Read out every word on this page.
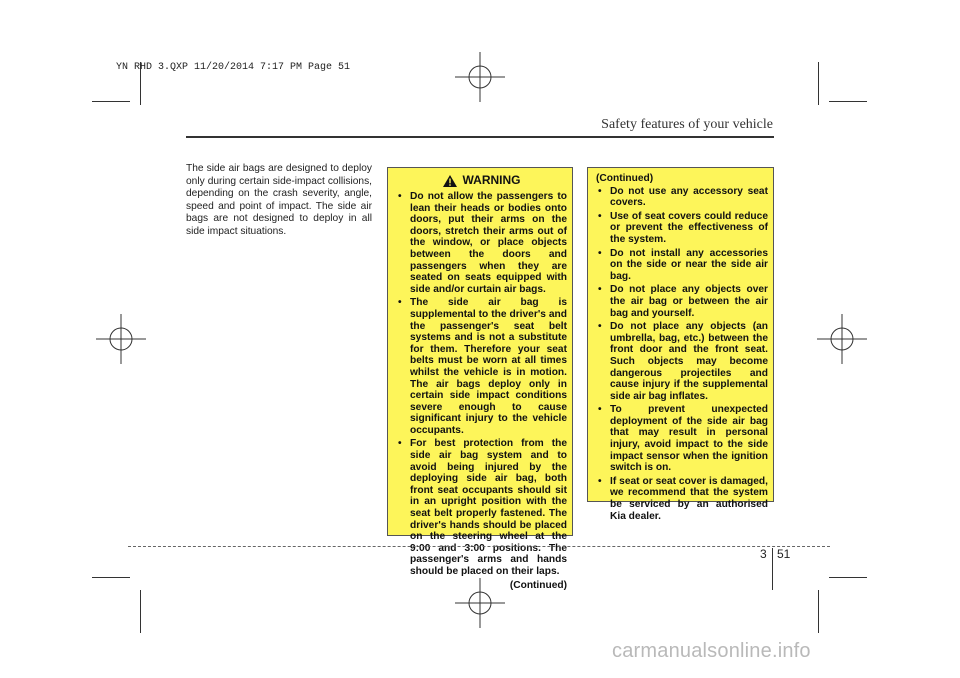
YN RHD 3.QXP 11/20/2014 7:17 PM Page 51
Safety features of your vehicle
The side air bags are designed to deploy only during certain side-impact collisions, depending on the crash severity, angle, speed and point of impact. The side air bags are not designed to deploy in all side impact situations.
WARNING
• Do not allow the passengers to lean their heads or bodies onto doors, put their arms on the doors, stretch their arms out of the window, or place objects between the doors and passengers when they are seated on seats equipped with side and/or curtain air bags.
• The side air bag is supplemental to the driver's and the passenger's seat belt systems and is not a substitute for them. Therefore your seat belts must be worn at all times whilst the vehicle is in motion. The air bags deploy only in certain side impact conditions severe enough to cause significant injury to the vehicle occupants.
• For best protection from the side air bag system and to avoid being injured by the deploying side air bag, both front seat occupants should sit in an upright position with the seat belt properly fastened. The driver's hands should be placed on the steering wheel at the 9:00 and 3:00 positions. The passenger's arms and hands should be placed on their laps.
(Continued)
(Continued)
• Do not use any accessory seat covers.
• Use of seat covers could reduce or prevent the effectiveness of the system.
• Do not install any accessories on the side or near the side air bag.
• Do not place any objects over the air bag or between the air bag and yourself.
• Do not place any objects (an umbrella, bag, etc.) between the front door and the front seat. Such objects may become dangerous projectiles and cause injury if the supplemental side air bag inflates.
• To prevent unexpected deployment of the side air bag that may result in personal injury, avoid impact to the side impact sensor when the ignition switch is on.
• If seat or seat cover is damaged, we recommend that the system be serviced by an authorised Kia dealer.
3 51
carmanualsonline.info
